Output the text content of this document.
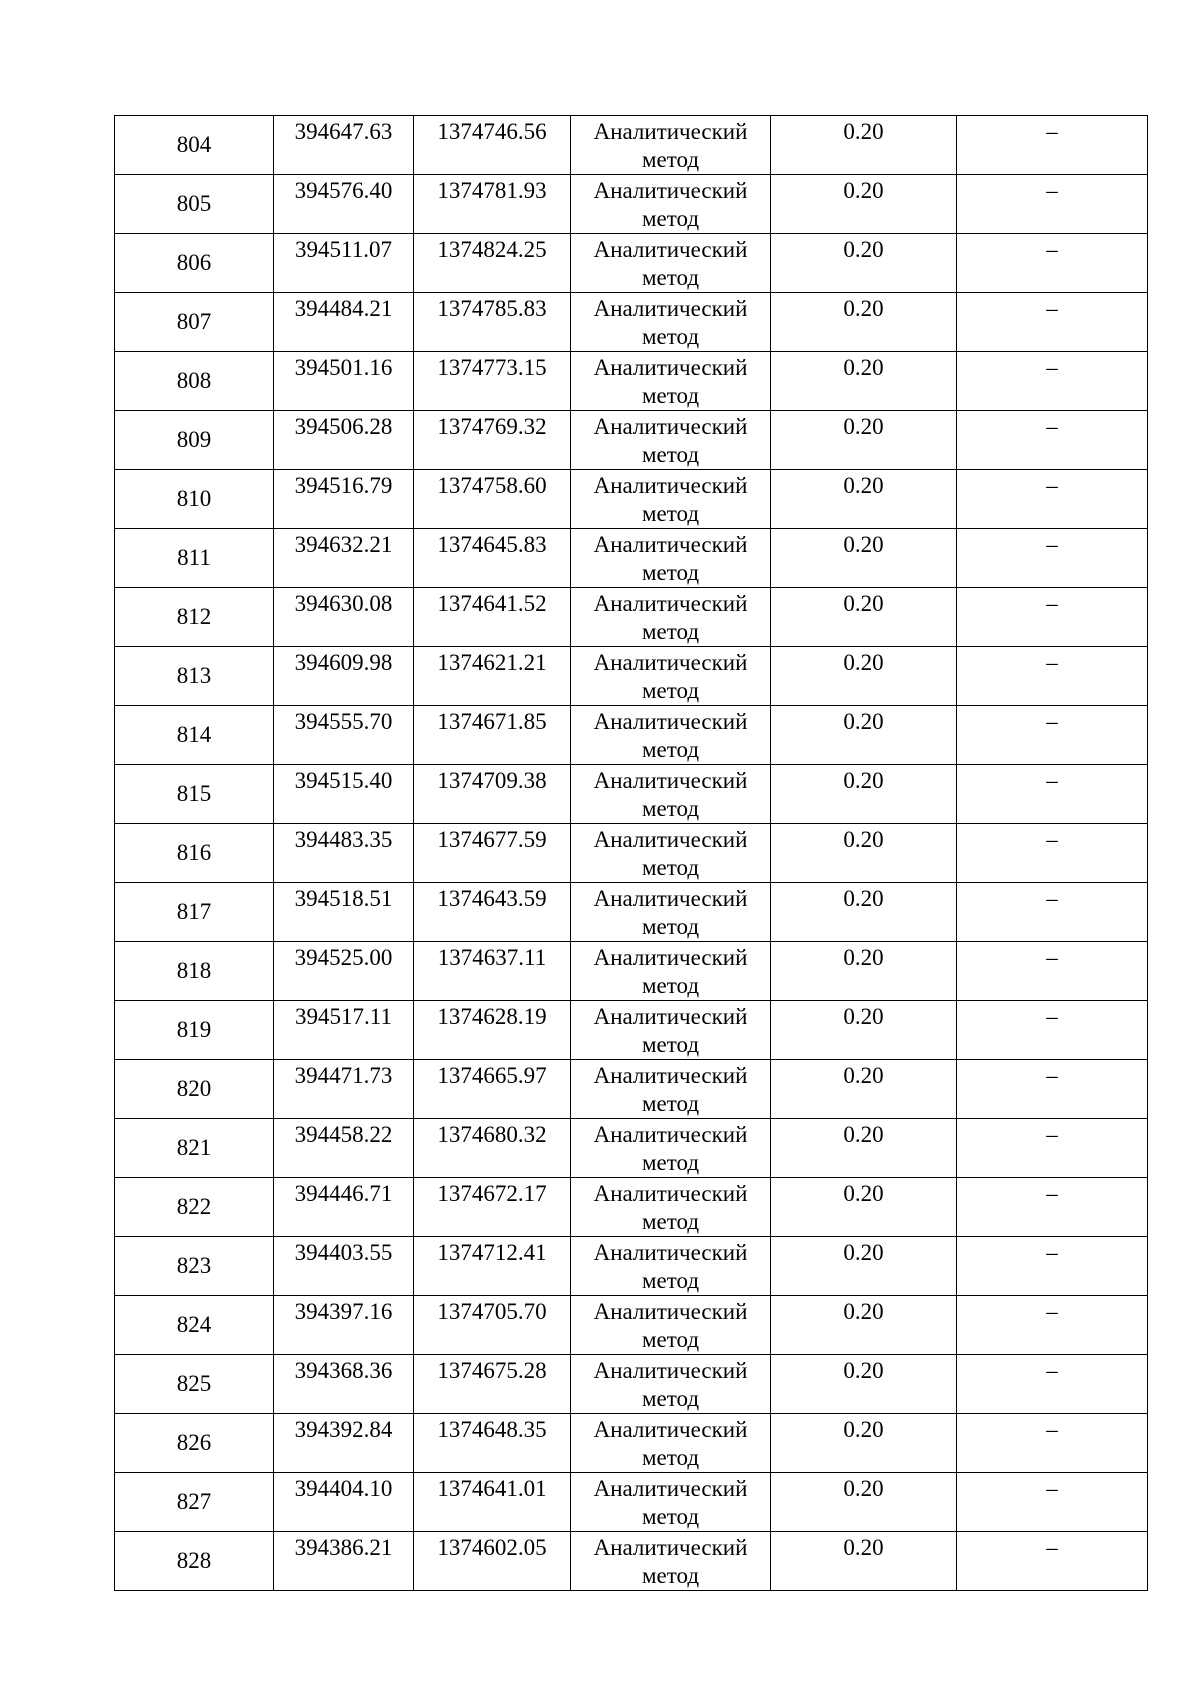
804	394647.63	1374746.56	Аналитический метод	0.20	–
805	394576.40	1374781.93	Аналитический метод	0.20	–
806	394511.07	1374824.25	Аналитический метод	0.20	–
807	394484.21	1374785.83	Аналитический метод	0.20	–
808	394501.16	1374773.15	Аналитический метод	0.20	–
809	394506.28	1374769.32	Аналитический метод	0.20	–
810	394516.79	1374758.60	Аналитический метод	0.20	–
811	394632.21	1374645.83	Аналитический метод	0.20	–
812	394630.08	1374641.52	Аналитический метод	0.20	–
813	394609.98	1374621.21	Аналитический метод	0.20	–
814	394555.70	1374671.85	Аналитический метод	0.20	–
815	394515.40	1374709.38	Аналитический метод	0.20	–
816	394483.35	1374677.59	Аналитический метод	0.20	–
817	394518.51	1374643.59	Аналитический метод	0.20	–
818	394525.00	1374637.11	Аналитический метод	0.20	–
819	394517.11	1374628.19	Аналитический метод	0.20	–
820	394471.73	1374665.97	Аналитический метод	0.20	–
821	394458.22	1374680.32	Аналитический метод	0.20	–
822	394446.71	1374672.17	Аналитический метод	0.20	–
823	394403.55	1374712.41	Аналитический метод	0.20	–
824	394397.16	1374705.70	Аналитический метод	0.20	–
825	394368.36	1374675.28	Аналитический метод	0.20	–
826	394392.84	1374648.35	Аналитический метод	0.20	–
827	394404.10	1374641.01	Аналитический метод	0.20	–
828	394386.21	1374602.05	Аналитический метод	0.20	–
